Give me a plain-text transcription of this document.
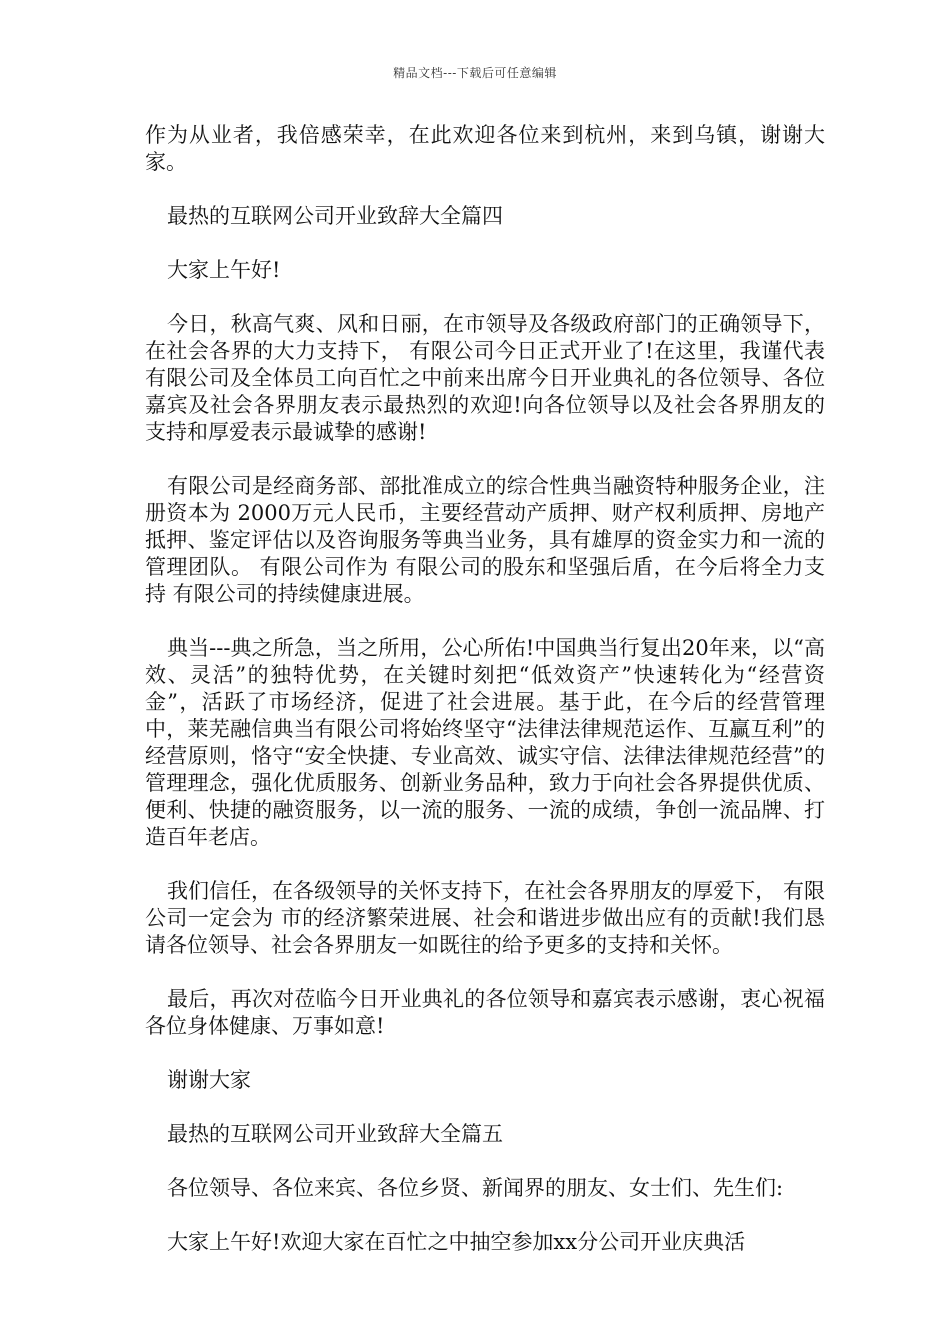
精品文档---下载后可任意编辑

作为从业者，我倍感荣幸，在此欢迎各位来到杭州，来到乌镇，谢谢大家。

最热的互联网公司开业致辞大全篇四

大家上午好!

今日，秋高气爽、风和日丽，在市领导及各级政府部门的正确领导下，在社会各界的大力支持下， 有限公司今日正式开业了!在这里，我谨代表 有限公司及全体员工向百忙之中前来出席今日开业典礼的各位领导、各位嘉宾及社会各界朋友表示最热烈的欢迎!向各位领导以及社会各界朋友的支持和厚爱表示最诚挚的感谢!

有限公司是经商务部、部批准成立的综合性典当融资特种服务企业，注册资本为 2000万元人民币，主要经营动产质押、财产权利质押、房地产抵押、鉴定评估以及咨询服务等典当业务，具有雄厚的资金实力和一流的管理团队。 有限公司作为 有限公司的股东和坚强后盾，在今后将全力支持 有限公司的持续健康进展。

典当---典之所急，当之所用，公心所佑!中国典当行复出20年来，以“高效、灵活”的独特优势，在关键时刻把“低效资产”快速转化为“经营资金”，活跃了市场经济，促进了社会进展。基于此，在今后的经营管理中，莱芜融信典当有限公司将始终坚守“法律法律规范运作、互赢互利”的经营原则，恪守“安全快捷、专业高效、诚实守信、法律法律规范经营”的管理理念，强化优质服务、创新业务品种，致力于向社会各界提供优质、便利、快捷的融资服务，以一流的服务、一流的成绩，争创一流品牌、打造百年老店。

我们信任，在各级领导的关怀支持下，在社会各界朋友的厚爱下， 有限公司一定会为 市的经济繁荣进展、社会和谐进步做出应有的贡献!我们恳请各位领导、社会各界朋友一如既往的给予更多的支持和关怀。

最后，再次对莅临今日开业典礼的各位领导和嘉宾表示感谢，衷心祝福各位身体健康、万事如意!

谢谢大家

最热的互联网公司开业致辞大全篇五

各位领导、各位来宾、各位乡贤、新闻界的朋友、女士们、先生们:

大家上午好!欢迎大家在百忙之中抽空参加xx分公司开业庆典活
